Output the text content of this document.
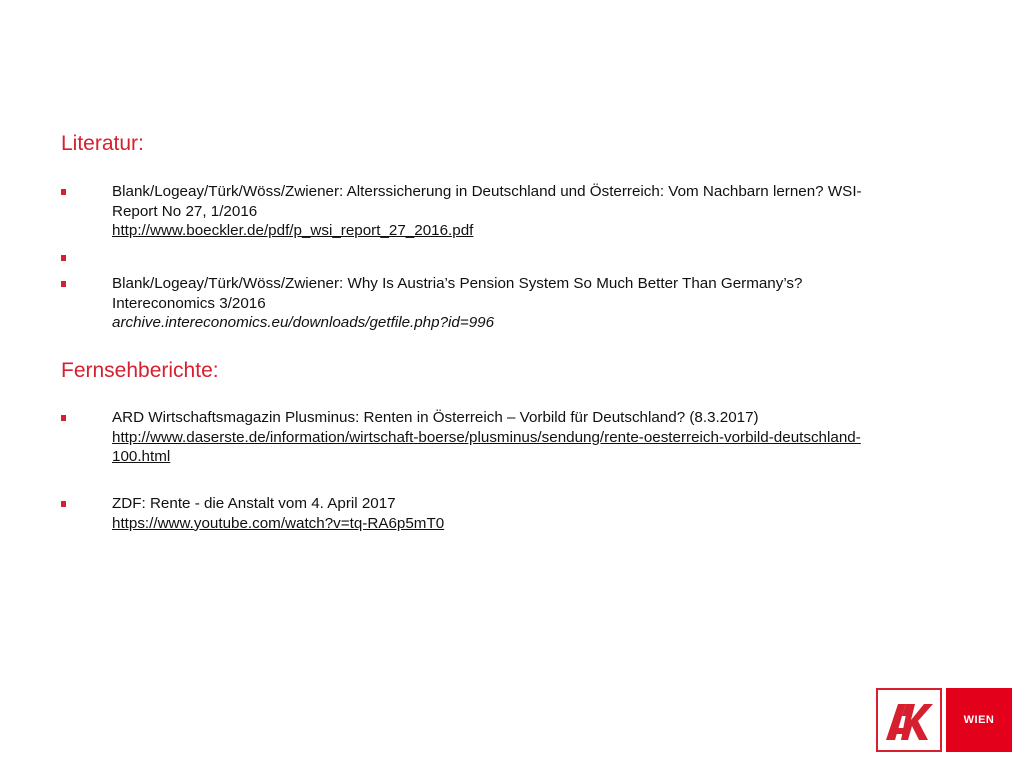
Literatur:
Blank/Logeay/Türk/Wöss/Zwiener: Alterssicherung in Deutschland und Österreich: Vom Nachbarn lernen? WSI-
Report No 27, 1/2016
http://www.boeckler.de/pdf/p_wsi_report_27_2016.pdf
Blank/Logeay/Türk/Wöss/Zwiener: Why Is Austria’s Pension System So Much Better Than Germany’s?
Intereconomics 3/2016
archive.intereconomics.eu/downloads/getfile.php?id=996
Fernsehberichte:
ARD Wirtschaftsmagazin Plusminus: Renten in Österreich – Vorbild für Deutschland? (8.3.2017)
http://www.daserste.de/information/wirtschaft-boerse/plusminus/sendung/rente-oesterreich-vorbild-deutschland-
100.html
ZDF: Rente - die Anstalt vom 4. April 2017
https://www.youtube.com/watch?v=tq-RA6p5mT0
WIEN
